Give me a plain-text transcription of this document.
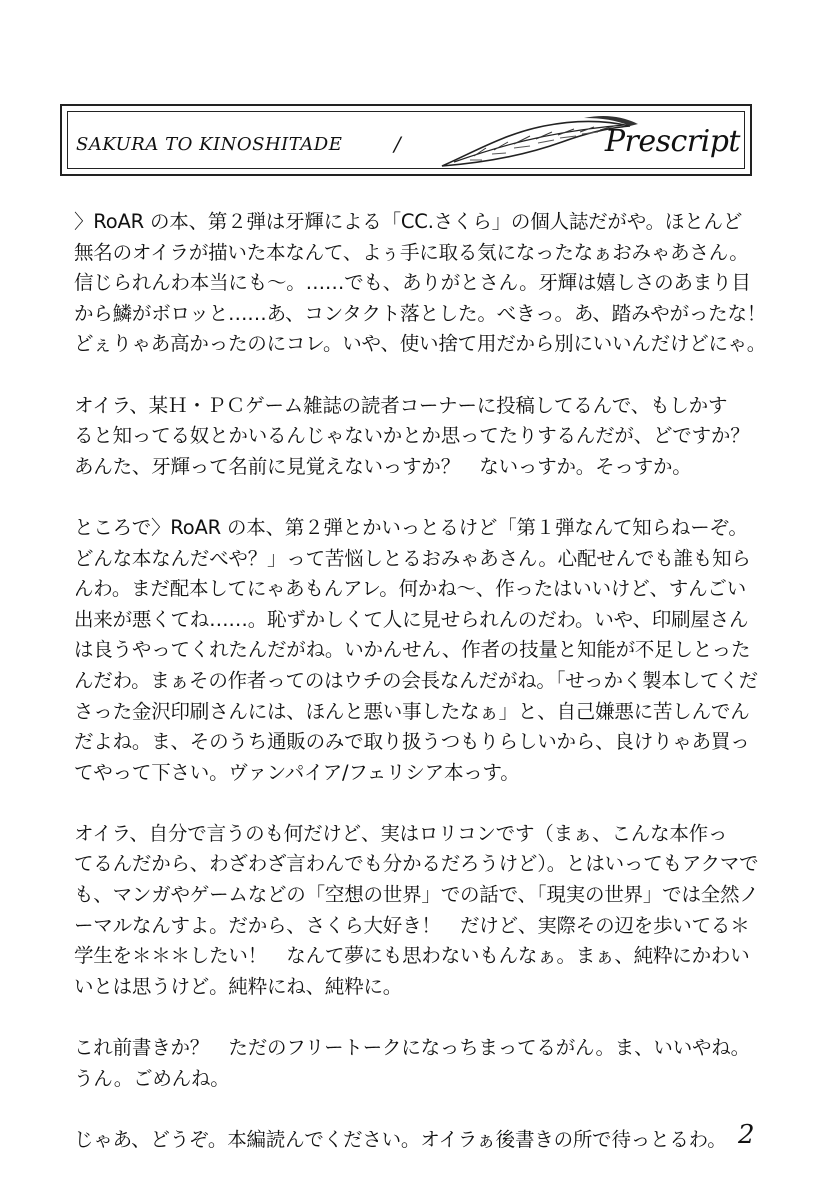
SAKURA TO KINOSHITADE	/	Prescript
〉RoAR の本、第２弾は牙輝による「CC.さくら」の個人誌だがや。ほとんど
無名のオイラが描いた本なんて、よぅ手に取る気になったなぁおみゃあさん。
信じられんわ本当にも～。……でも、ありがとさん。牙輝は嬉しさのあまり目
から鱗がボロッと……あ、コンタクト落とした。べきっ。あ、踏みやがったな！
どぇりゃあ高かったのにコレ。いや、使い捨て用だから別にいいんだけどにゃ。
オイラ、某Ｈ・ＰＣゲーム雑誌の読者コーナーに投稿してるんで、もしかす
ると知ってる奴とかいるんじゃないかとか思ってたりするんだが、どですか？
あんた、牙輝って名前に見覚えないっすか？　ないっすか。そっすか。
ところで〉RoAR の本、第２弾とかいっとるけど「第１弾なんて知らねーぞ。
どんな本なんだべや？」って苦悩しとるおみゃあさん。心配せんでも誰も知ら
んわ。まだ配本してにゃあもんアレ。何かね～、作ったはいいけど、すんごい
出来が悪くてね……。恥ずかしくて人に見せられんのだわ。いや、印刷屋さん
は良うやってくれたんだがね。いかんせん、作者の技量と知能が不足しとった
んだわ。まぁその作者ってのはウチの会長なんだがね。「せっかく製本してくだ
さった金沢印刷さんには、ほんと悪い事したなぁ」と、自己嫌悪に苦しんでん
だよね。ま、そのうち通販のみで取り扱うつもりらしいから、良けりゃあ買っ
てやって下さい。ヴァンパイア/フェリシア本っす。
オイラ、自分で言うのも何だけど、実はロリコンです（まぁ、こんな本作っ
てるんだから、わざわざ言わんでも分かるだろうけど）。とはいってもアクマで
も、マンガやゲームなどの「空想の世界」での話で、「現実の世界」では全然ノ
ーマルなんすよ。だから、さくら大好き！　だけど、実際その辺を歩いてる＊
学生を＊＊＊したい！　なんて夢にも思わないもんなぁ。まぁ、純粋にかわい
いとは思うけど。純粋にね、純粋に。
これ前書きか？　ただのフリートークになっちまってるがん。ま、いいやね。
うん。ごめんね。
じゃあ、どうぞ。本編読んでください。オイラぁ後書きの所で待っとるわ。 2
